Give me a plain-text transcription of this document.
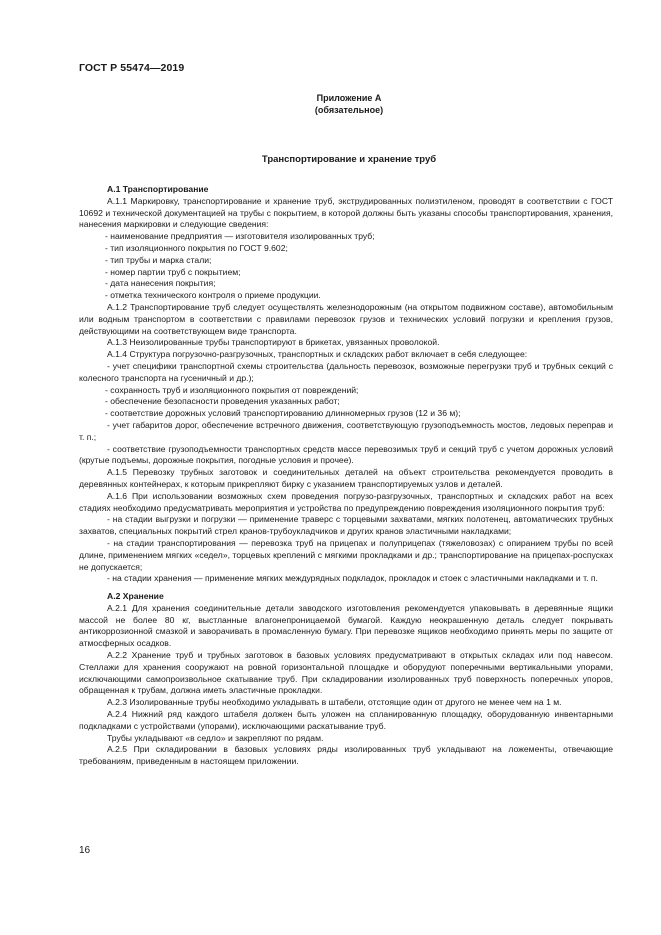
ГОСТ Р 55474—2019
Приложение А
(обязательное)
Транспортирование и хранение труб

А.1 Транспортирование

А.1.1 Маркировку, транспортирование и хранение труб, экструдированных полиэтиленом, проводят в соответствии с ГОСТ 10692 и технической документацией на трубы с покрытием, в которой должны быть указаны способы транспортирования, хранения, нанесения маркировки и следующие сведения:

- наименование предприятия — изготовителя изолированных труб;

- тип изоляционного покрытия по ГОСТ 9.602;

- тип трубы и марка стали;

- номер партии труб с покрытием;

- дата нанесения покрытия;

- отметка технического контроля о приеме продукции.

А.1.2 Транспортирование труб следует осуществлять железнодорожным (на открытом подвижном составе), автомобильным или водным транспортом в соответствии с правилами перевозок грузов и технических условий погрузки и крепления грузов, действующими на соответствующем виде транспорта.

А.1.3 Неизолированные трубы транспортируют в брикетах, увязанных проволокой.

А.1.4 Структура погрузочно-разгрузочных, транспортных и складских работ включает в себя следующее:

- учет специфики транспортной схемы строительства (дальность перевозок, возможные перегрузки труб и трубных секций с колесного транспорта на гусеничный и др.);

- сохранность труб и изоляционного покрытия от повреждений;

- обеспечение безопасности проведения указанных работ;

- соответствие дорожных условий транспортированию длинномерных грузов (12 и 36 м);

- учет габаритов дорог, обеспечение встречного движения, соответствующую грузоподъемность мостов, ледовых переправ и т. п.;

- соответствие грузоподъемности транспортных средств массе перевозимых труб и секций труб с учетом дорожных условий (крутые подъемы, дорожные покрытия, погодные условия и прочее).

А.1.5 Перевозку трубных заготовок и соединительных деталей на объект строительства рекомендуется проводить в деревянных контейнерах, к которым прикрепляют бирку с указанием транспортируемых узлов и деталей.

А.1.6 При использовании возможных схем проведения погрузо-разгрузочных, транспортных и складских работ на всех стадиях необходимо предусматривать мероприятия и устройства по предупреждению повреждения изоляционного покрытия труб:

- на стадии выгрузки и погрузки — применение траверс с торцевыми захватами, мягких полотенец, автоматических трубных захватов, специальных покрытий стрел кранов-трубоукладчиков и других кранов эластичными накладками;

- на стадии транспортирования — перевозка труб на прицепах и полуприцепах (тяжеловозах) с опиранием трубы по всей длине, применением мягких «седел», торцевых креплений с мягкими прокладками и др.; транспортирование на прицепах-роспусках не допускается;

- на стадии хранения — применение мягких междурядных подкладок, прокладок и стоек с эластичными накладками и т. п.

А.2 Хранение

А.2.1 Для хранения соединительные детали заводского изготовления рекомендуется упаковывать в деревянные ящики массой не более 80 кг, выстланные влагонепроницаемой бумагой. Каждую неокрашенную деталь следует покрывать антикоррозионной смазкой и заворачивать в промасленную бумагу. При перевозке ящиков необходимо принять меры по защите от атмосферных осадков.

А.2.2 Хранение труб и трубных заготовок в базовых условиях предусматривают в открытых складах или под навесом. Стеллажи для хранения сооружают на ровной горизонтальной площадке и оборудуют поперечными вертикальными упорами, исключающими самопроизвольное скатывание труб. При складировании изолированных труб поверхность поперечных упоров, обращенная к трубам, должна иметь эластичные прокладки.

А.2.3 Изолированные трубы необходимо укладывать в штабели, отстоящие один от другого не менее чем на 1 м.

А.2.4 Нижний ряд каждого штабеля должен быть уложен на спланированную площадку, оборудованную инвентарными подкладками с устройствами (упорами), исключающими раскатывание труб.

Трубы укладывают «в седло» и закрепляют по рядам.

А.2.5 При складировании в базовых условиях ряды изолированных труб укладывают на ложементы, отвечающие требованиям, приведенным в настоящем приложении.

16
